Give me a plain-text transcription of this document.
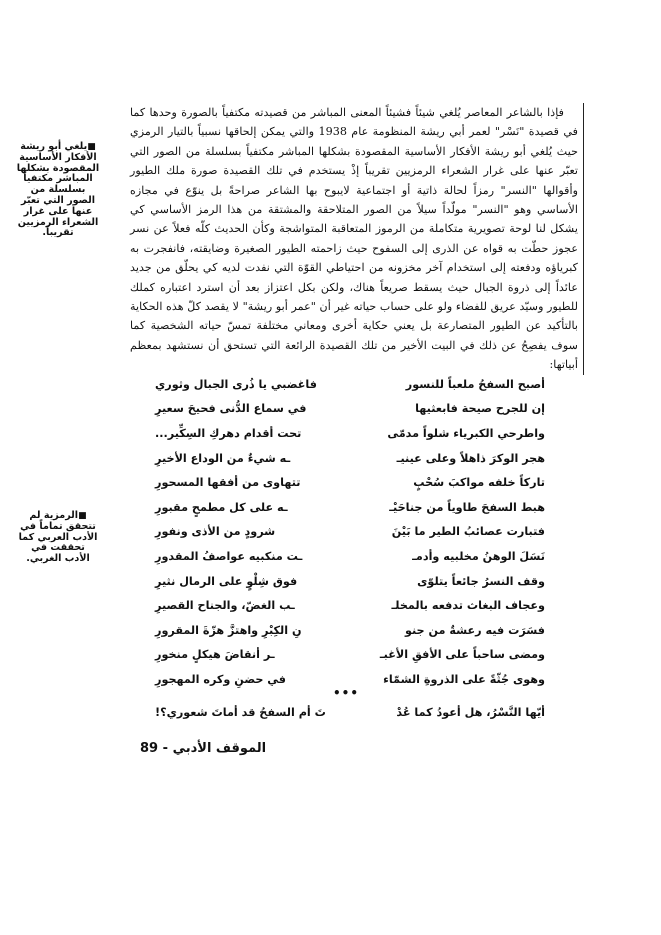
فإذا بالشاعر المعاصر يُلغي شيئاً فشيئاً المعنى المباشر من قصيدته مكتفياً بالصورة وحدها كما في قصيدة "نَسْر" لعمر أبي ريشة المنظومة عام 1938 والتي يمكن إلحاقها نسبياً بالتيار الرمزي حيث يُلغي أبو ريشة الأفكار الأساسية المقصودة بشكلها المباشر مكتفياً بسلسلة من الصور التي تعبّر عنها على غرار الشعراء الرمزيين تقريباً إذْ يستخدم في تلك القصيدة صورة ملك الطيور وأقوالها "النسر" رمزاً لحالة ذاتية أو اجتماعية لايبوح بها الشاعر صراحةً بل ينوّع في مجازه الأساسي وهو "النسر" مولّداً سيلاً من الصور المتلاحقة والمشتقة من هذا الرمز الأساسي كي يشكل لنا لوحة تصويرية متكاملة من الرموز المتعاقبة المتواشجة وكأن الحديث كلّه فعلاً عن نسر عجوز حطّت به قواه عن الذرى إلى السفوح حيث زاحمته الطيور الصغيرة وضايقته، فانفجرت به كبرياؤه ودفعته إلى استخدام آخر مخزونه من احتياطي القوّة التي نفدت لديه كي يحلّق من جديد عائداً إلى ذروة الجبال حيث يسقط صريعاً هناك، ولكن بكل اعتزاز بعد أن استرد اعتباره كملك للطيور وسيّد عريق للفضاء ولو على حساب حياته غير أن "عمر أبو ريشة" لا يقصد كلّ هذه الحكاية بالتأكيد عن الطيور المتصارعة بل يعني حكاية أخرى ومعاني مختلفة تمسّ حياته الشخصية كما سوف يفصِحُ عن ذلك في البيت الأخير من تلك القصيدة الرائعة التي تستحق أن نستشهد بمعظم أبياتها:

■يلغي أبو ريشة الأفكار الأساسية المقصودة بشكلها المباشر مكتفياً بسلسلة من الصور التي تعبّر عنها على غرار الشعراء الرمزيين تقريباً.
■الرمزية لم تتحقق تماماً في الأدب العربي كما تحققت في الأدب الغربي.
أصبح السفحُ ملعباً للنسور
فاغضبي يا ذُرى الجبال وثوري
إن للجرح صيحة فابعثيها
في سماع الدُّنى فحيحَ سعيرِ
واطرحي الكبرياء شلواً مدمّى
تحت أقدام دهركِ السِكِّير...
هجر الوكرَ ذاهلاً وعلى عينيـ
ـه شيءٌ من الوداع الأخيرِ
تاركاً خلفه مواكبَ سُحْبٍ
تتهاوى من أفقها المسحورِ
هبط السفحَ طاوياً من جناحَيْـ
ـه على كل مطمحٍ مقبورِ
فتبارت عصائبُ الطير ما بَيْنَ
شرودٍ من الأذى ونفورِ
نَسَلَ الوهنُ مخلبيه وأدمـ
ـت منكبيه عواصفُ المقدورِ
وقف النسرُ جائعاً يتلوّى
فوق شِلْوٍ على الرمال نثيرِ
وعجاف البغاث تدفعه بالمخلـ
ـب الغضّ، والجناح القصيرِ
فسَرَت فيه رعشةٌ من جنو
نِ الكِبْرِ واهتزَّ هزّةَ المقرورِ
ومضى ساحباً على الأفقِ الأغبـ
ـر أنقاضَ هيكلٍ منخورِ
وهوى جُثّةً على الذروةِ الشمّاء
في حضنِ وكره المهجورِ
•••
أيّها النَّسْرُ، هل أعودُ كما عُدْ
تَ أم السفحُ قد أماتَ شعوري؟!
الموقف الأدبي - 89
